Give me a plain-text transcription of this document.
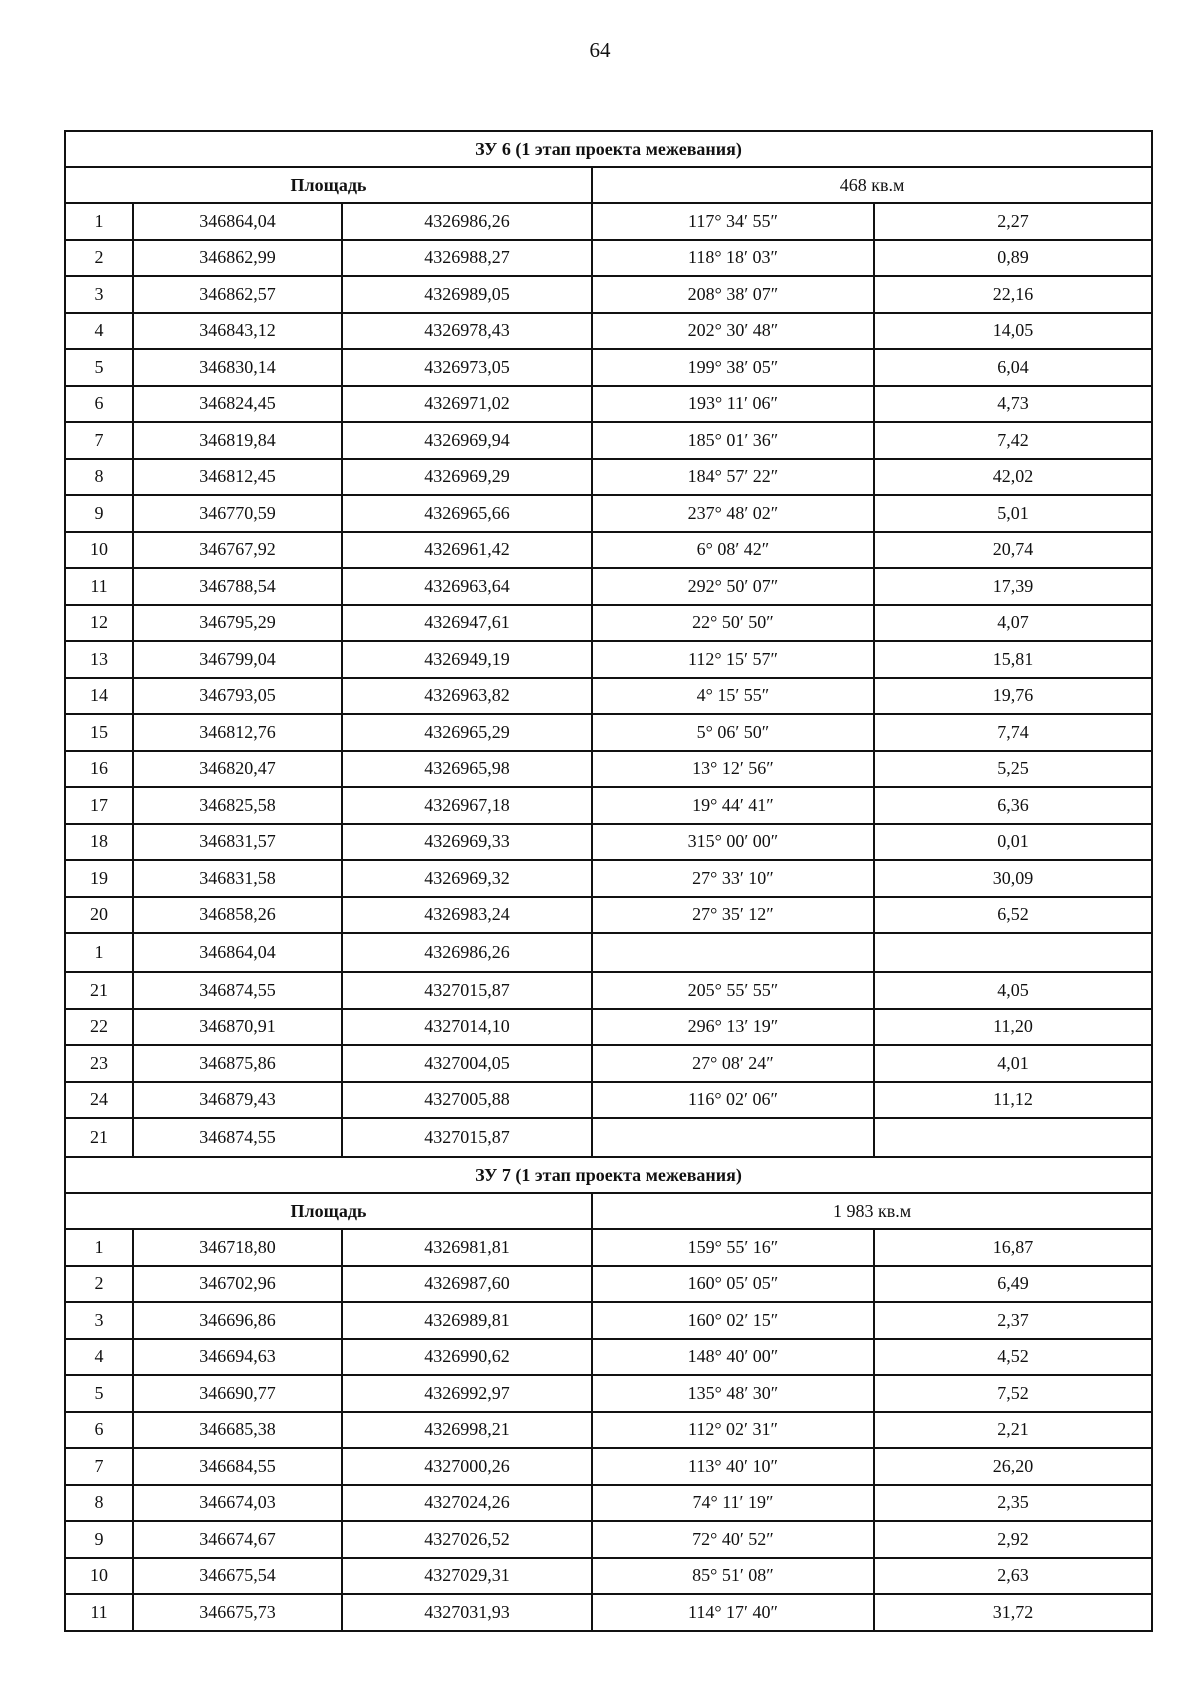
64
ЗУ 6 (1 этап проекта межевания)				
Площадь			468 кв.м	
1	346864,04	4326986,26	117° 34′ 55″	2,27
2	346862,99	4326988,27	118° 18′ 03″	0,89
3	346862,57	4326989,05	208° 38′ 07″	22,16
4	346843,12	4326978,43	202° 30′ 48″	14,05
5	346830,14	4326973,05	199° 38′ 05″	6,04
6	346824,45	4326971,02	193° 11′ 06″	4,73
7	346819,84	4326969,94	185° 01′ 36″	7,42
8	346812,45	4326969,29	184° 57′ 22″	42,02
9	346770,59	4326965,66	237° 48′ 02″	5,01
10	346767,92	4326961,42	6° 08′ 42″	20,74
11	346788,54	4326963,64	292° 50′ 07″	17,39
12	346795,29	4326947,61	22° 50′ 50″	4,07
13	346799,04	4326949,19	112° 15′ 57″	15,81
14	346793,05	4326963,82	4° 15′ 55″	19,76
15	346812,76	4326965,29	5° 06′ 50″	7,74
16	346820,47	4326965,98	13° 12′ 56″	5,25
17	346825,58	4326967,18	19° 44′ 41″	6,36
18	346831,57	4326969,33	315° 00′ 00″	0,01
19	346831,58	4326969,32	27° 33′ 10″	30,09
20	346858,26	4326983,24	27° 35′ 12″	6,52
1	346864,04	4326986,26		
21	346874,55	4327015,87	205° 55′ 55″	4,05
22	346870,91	4327014,10	296° 13′ 19″	11,20
23	346875,86	4327004,05	27° 08′ 24″	4,01
24	346879,43	4327005,88	116° 02′ 06″	11,12
21	346874,55	4327015,87		
ЗУ 7 (1 этап проекта межевания)				
Площадь			1 983 кв.м	
1	346718,80	4326981,81	159° 55′ 16″	16,87
2	346702,96	4326987,60	160° 05′ 05″	6,49
3	346696,86	4326989,81	160° 02′ 15″	2,37
4	346694,63	4326990,62	148° 40′ 00″	4,52
5	346690,77	4326992,97	135° 48′ 30″	7,52
6	346685,38	4326998,21	112° 02′ 31″	2,21
7	346684,55	4327000,26	113° 40′ 10″	26,20
8	346674,03	4327024,26	74° 11′ 19″	2,35
9	346674,67	4327026,52	72° 40′ 52″	2,92
10	346675,54	4327029,31	85° 51′ 08″	2,63
11	346675,73	4327031,93	114° 17′ 40″	31,72
